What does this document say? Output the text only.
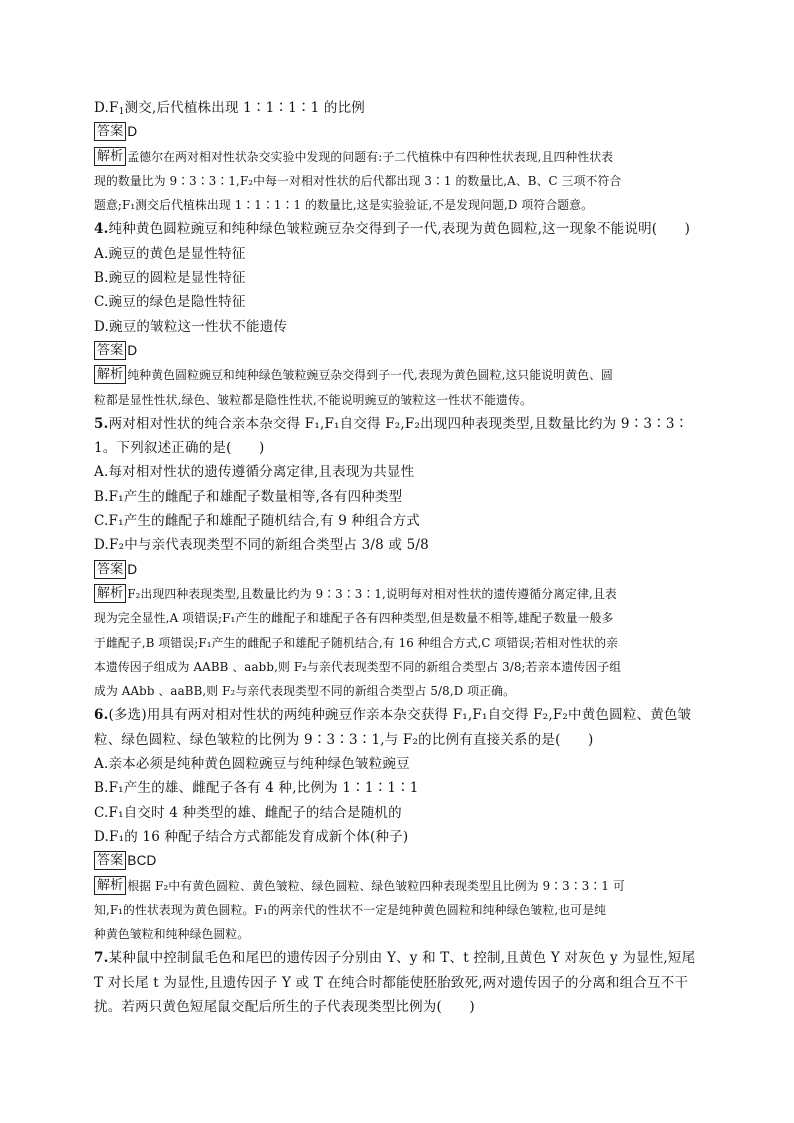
$D.F_1$测交,后代植株出现 1∶1∶1∶1 的比例
答案 D
解析 孟德尔在两对相对性状杂交实验中发现的问题有:子二代植株中有四种性状表现,且四种性状表
现的数量比为 9∶3∶3∶1,F₂中每一对相对性状的后代都出现 3∶1 的数量比,A、B、C 三项不符合
题意;F₁测交后代植株出现 1∶1∶1∶1 的数量比,这是实验验证,不是发现问题,D 项符合题意。
4.纯种黄色圆粒豌豆和纯种绿色皱粒豌豆杂交得到子一代,表现为黄色圆粒,这一现象不能说明(　　)
A.豌豆的黄色是显性特征
B.豌豆的圆粒是显性特征
C.豌豆的绿色是隐性特征
D.豌豆的皱粒这一性状不能遗传
答案 D
解析 纯种黄色圆粒豌豆和纯种绿色皱粒豌豆杂交得到子一代,表现为黄色圆粒,这只能说明黄色、圆
粒都是显性性状,绿色、皱粒都是隐性性状,不能说明豌豆的皱粒这一性状不能遗传。
5.两对相对性状的纯合亲本杂交得 F₁,F₁自交得 F₂,F₂出现四种表现类型,且数量比约为 9∶3∶3∶
1。下列叙述正确的是(　　)
A.每对相对性状的遗传遵循分离定律,且表现为共显性
B.F₁产生的雌配子和雄配子数量相等,各有四种类型
C.F₁产生的雌配子和雄配子随机结合,有 9 种组合方式
D.F₂中与亲代表现类型不同的新组合类型占 3/8 或 5/8
答案 D
解析 F₂出现四种表现类型,且数量比约为 9∶3∶3∶1,说明每对相对性状的遗传遵循分离定律,且表
现为完全显性,A 项错误;F₁产生的雌配子和雄配子各有四种类型,但是数量不相等,雄配子数量一般多
于雌配子,B 项错误;F₁产生的雌配子和雄配子随机结合,有 16 种组合方式,C 项错误;若相对性状的亲
本遗传因子组成为 AABB 、aabb,则 F₂与亲代表现类型不同的新组合类型占 3/8;若亲本遗传因子组
成为 AAbb 、aaBB,则 F₂与亲代表现类型不同的新组合类型占 5/8,D 项正确。
6.(多选)用具有两对相对性状的两纯种豌豆作亲本杂交获得 F₁,F₁自交得 F₂,F₂中黄色圆粒、黄色皱
粒、绿色圆粒、绿色皱粒的比例为 9∶3∶3∶1,与 F₂的比例有直接关系的是(　　)
A.亲本必须是纯种黄色圆粒豌豆与纯种绿色皱粒豌豆
B.F₁产生的雄、雌配子各有 4 种,比例为 1∶1∶1∶1
C.F₁自交时 4 种类型的雄、雌配子的结合是随机的
D.F₁的 16 种配子结合方式都能发育成新个体(种子)
答案 BCD
解析 根据 F₂中有黄色圆粒、黄色皱粒、绿色圆粒、绿色皱粒四种表现类型且比例为 9∶3∶3∶1 可
知,F₁的性状表现为黄色圆粒。F₁的两亲代的性状不一定是纯种黄色圆粒和纯种绿色皱粒,也可是纯
种黄色皱粒和纯种绿色圆粒。
7.某种鼠中控制鼠毛色和尾巴的遗传因子分别由 Y、y 和 T、t 控制,且黄色 Y 对灰色 y 为显性,短尾
T 对长尾 t 为显性,且遗传因子 Y 或 T 在纯合时都能使胚胎致死,两对遗传因子的分离和组合互不干
扰。若两只黄色短尾鼠交配后所生的子代表现类型比例为(　　)
